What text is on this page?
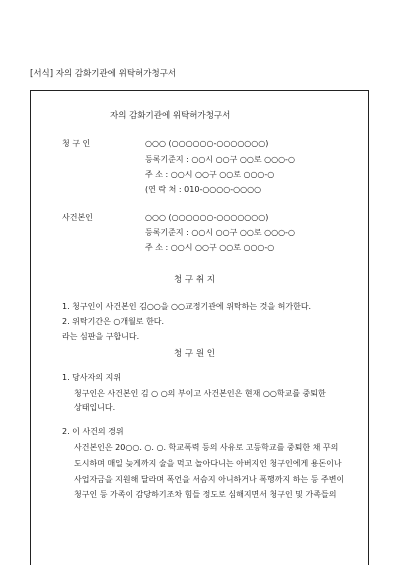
[서식] 자의 감화기관에 위탁허가청구서
자의 감화기관에 위탁허가청구서
청 구 인	○○○ (○○○○○○-○○○○○○○)
등록기준지 : ○○시 ○○구 ○○로 ○○○-○
주 소 : ○○시 ○○구 ○○로 ○○○-○
(연 락 처 : 010-○○○○-○○○○
사건본인	○○○ (○○○○○○-○○○○○○○)
등록기준지 : ○○시 ○○구 ○○로 ○○○-○
주 소 : ○○시 ○○구 ○○로 ○○○-○
청 구 취 지
1. 청구인이 사건본인 김○○을 ○○교정기관에 위탁하는 것을 허가한다.
2. 위탁기간은 ○개월로 한다.
라는 심판을 구합니다.
청 구 원 인
1. 당사자의 지위
청구인은 사건본인 김 ○ ○의 부이고 사건본인은 현재 ○○학교를 중퇴한
상태입니다.
2. 이 사건의 경위
사건본인은 20○○. ○. ○. 학교폭력 등의 사유로 고등학교를 중퇴한 채 꾸의
도시하며 매일 늦게까지 술을 먹고 놀아다니는 아버지인 청구인에게 용돈이나
사업자금을 지원해 달라며 폭언을 서슴지 아니하거나 폭행까지 하는 등 주변이
청구인 등 가족이 감당하기조차 힘들 정도로 심해지면서 청구인 및 가족들의
